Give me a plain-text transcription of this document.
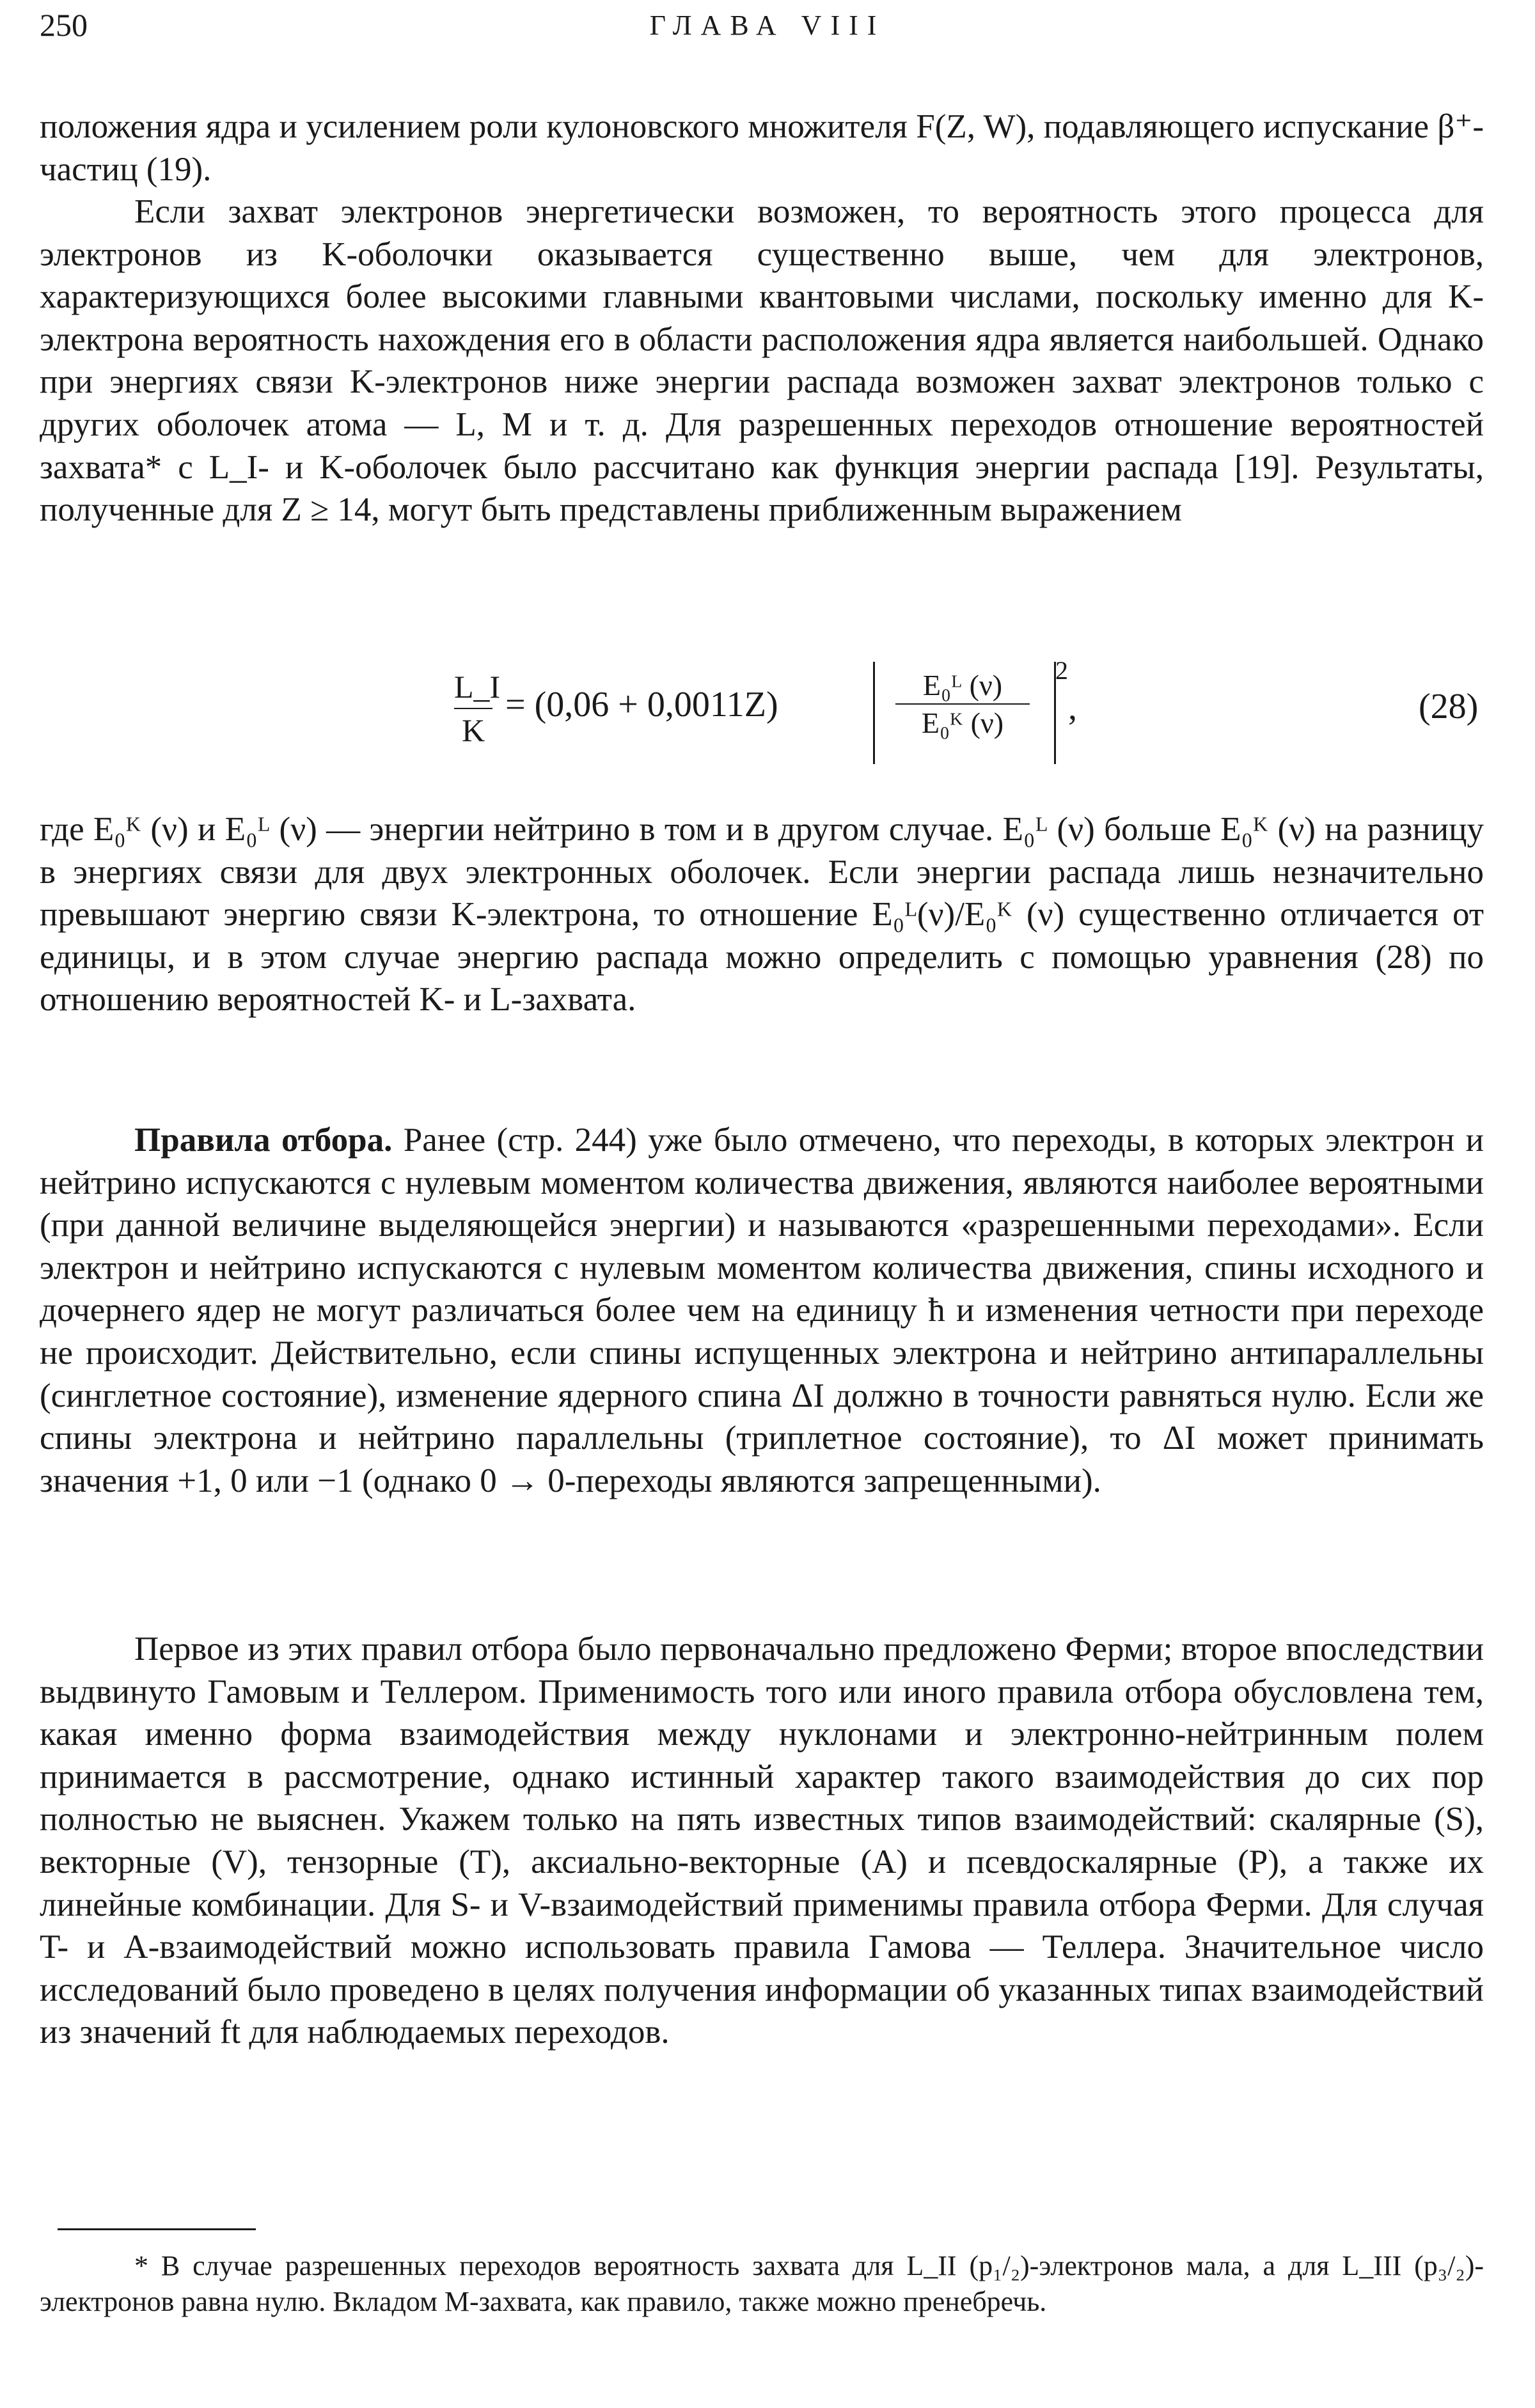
250	ГЛАВА VIII

положения ядра и усилением роли кулоновского множителя F(Z, W), подавляющего испускание β⁺-частиц (19).

Если захват электронов энергетически возможен, то вероятность этого процесса для электронов из K-оболочки оказывается существенно выше, чем для электронов, характеризующихся более высокими главными квантовыми числами, поскольку именно для K-электрона вероятность нахождения его в области расположения ядра является наибольшей. Однако при энергиях связи K-электронов ниже энергии распада возможен захват электронов только с других оболочек атома — L, M и т. д. Для разрешенных переходов отношение вероятностей захвата* с L_I- и K-оболочек было рассчитано как функция энергии распада [19]. Результаты, полученные для Z ≥ 14, могут быть представлены приближенным выражением

$\frac{L\_I}{K} = (0,06 + 0,0011Z)$	$\frac{\text{E₀ᴸ (ν)}}{\text{E₀ᴷ (ν)}} 2$
,	(28)

где E₀ᴷ (ν) и E₀ᴸ (ν) — энергии нейтрино в том и в другом случае. E₀ᴸ (ν) больше E₀ᴷ (ν) на разницу в энергиях связи для двух электронных оболочек. Если энергии распада лишь незначительно превышают энергию связи K-электрона, то отношение E₀ᴸ(ν)/E₀ᴷ (ν) существенно отличается от единицы, и в этом случае энергию распада можно определить с помощью уравнения (28) по отношению вероятностей K- и L-захвата.

Правила отбора. Ранее (стр. 244) уже было отмечено, что переходы, в которых электрон и нейтрино испускаются с нулевым моментом количества движения, являются наиболее вероятными (при данной величине выделяющейся энергии) и называются «разрешенными переходами». Если электрон и нейтрино испускаются с нулевым моментом количества движения, спины исходного и дочернего ядер не могут различаться более чем на единицу ħ и изменения четности при переходе не происходит. Действительно, если спины испущенных электрона и нейтрино антипараллельны (синглетное состояние), изменение ядерного спина ΔI должно в точности равняться нулю. Если же спины электрона и нейтрино параллельны (триплетное состояние), то ΔI может принимать значения +1, 0 или −1 (однако 0 → 0-переходы являются запрещенными).

Первое из этих правил отбора было первоначально предложено Ферми; второе впоследствии выдвинуто Гамовым и Теллером. Применимость того или иного правила отбора обусловлена тем, какая именно форма взаимодействия между нуклонами и электронно-нейтринным полем принимается в рассмотрение, однако истинный характер такого взаимодействия до сих пор полностью не выяснен. Укажем только на пять известных типов взаимодействий: скалярные (S), векторные (V), тензорные (T), аксиально-векторные (A) и псевдоскалярные (P), а также их линейные комбинации. Для S- и V-взаимодействий применимы правила отбора Ферми. Для случая T- и A-взаимодействий можно использовать правила Гамова — Теллера. Значительное число исследований было проведено в целях получения информации об указанных типах взаимодействий из значений ft для наблюдаемых переходов.

* В случае разрешенных переходов вероятность захвата для L_II (p₁/₂)-электронов мала, а для L_III (p₃/₂)-электронов равна нулю. Вкладом M-захвата, как правило, также можно пренебречь.
